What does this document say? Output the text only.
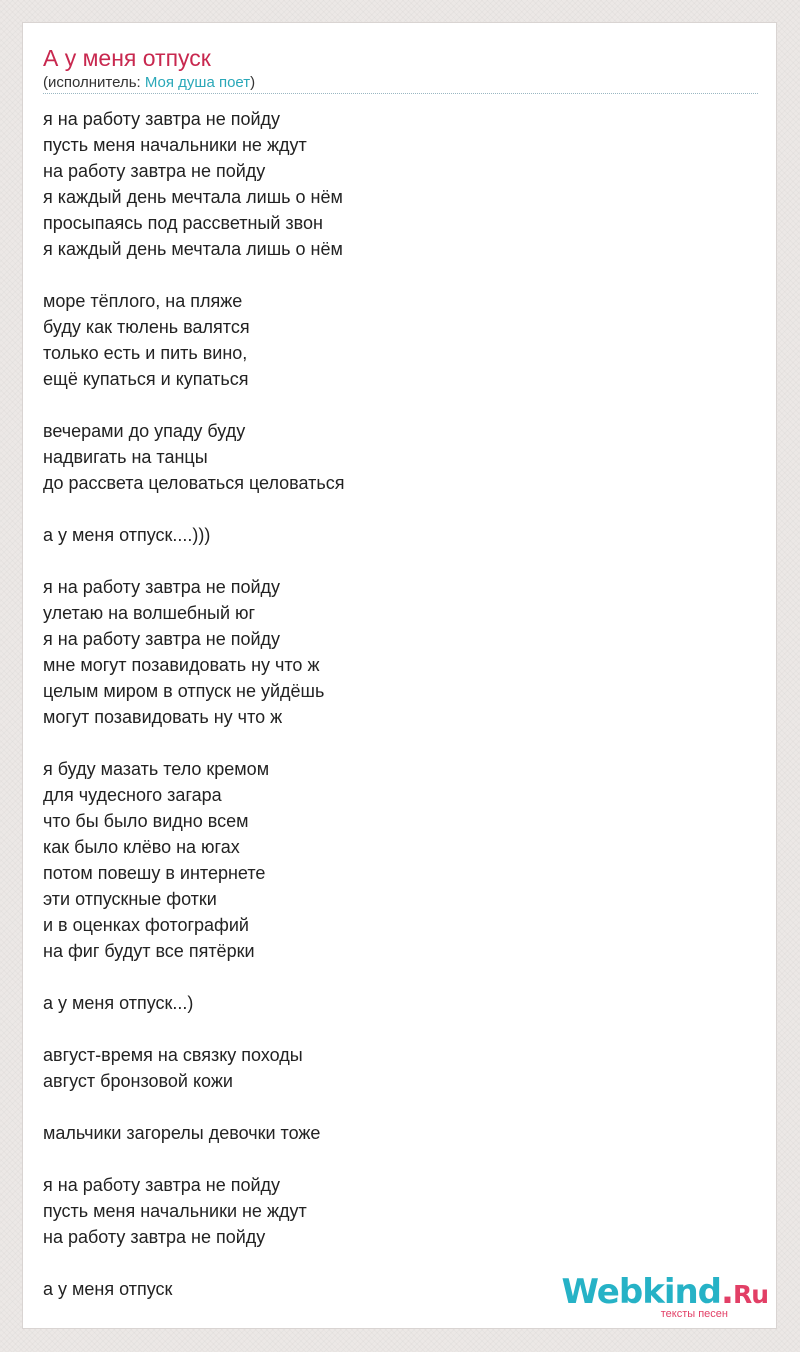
А у меня отпуск
(исполнитель: Моя душа поет)
я на работу завтра не пойду
пусть меня начальники не ждут
на работу завтра не пойду
я каждый день мечтала лишь о нём
просыпаясь под рассветный звон
я каждый день мечтала лишь о нём
море тёплого, на пляже
буду как тюлень валятся
только есть и пить вино,
ещё купаться и купаться
вечерами до упаду буду
надвигать на танцы
до рассвета целоваться целоваться
а у меня отпуск....)))
я на работу завтра не пойду
улетаю на волшебный юг
я на работу завтра не пойду
мне могут позавидовать ну что ж
целым миром в отпуск не уйдёшь
могут позавидовать ну что ж
я буду мазать тело кремом
для чудесного загара
что бы было видно всем
как было клёво на югах
потом повешу в интернете
эти отпускные фотки
и в оценках фотографий
на фиг будут все пятёрки
а у меня отпуск...)
август-время на связку походы
август бронзовой кожи
мальчики загорелы девочки тоже
я на работу завтра не пойду
пусть меня начальники не ждут
на работу завтра не пойду
а у меня отпуск	Webkind.Ru
тексты песен
